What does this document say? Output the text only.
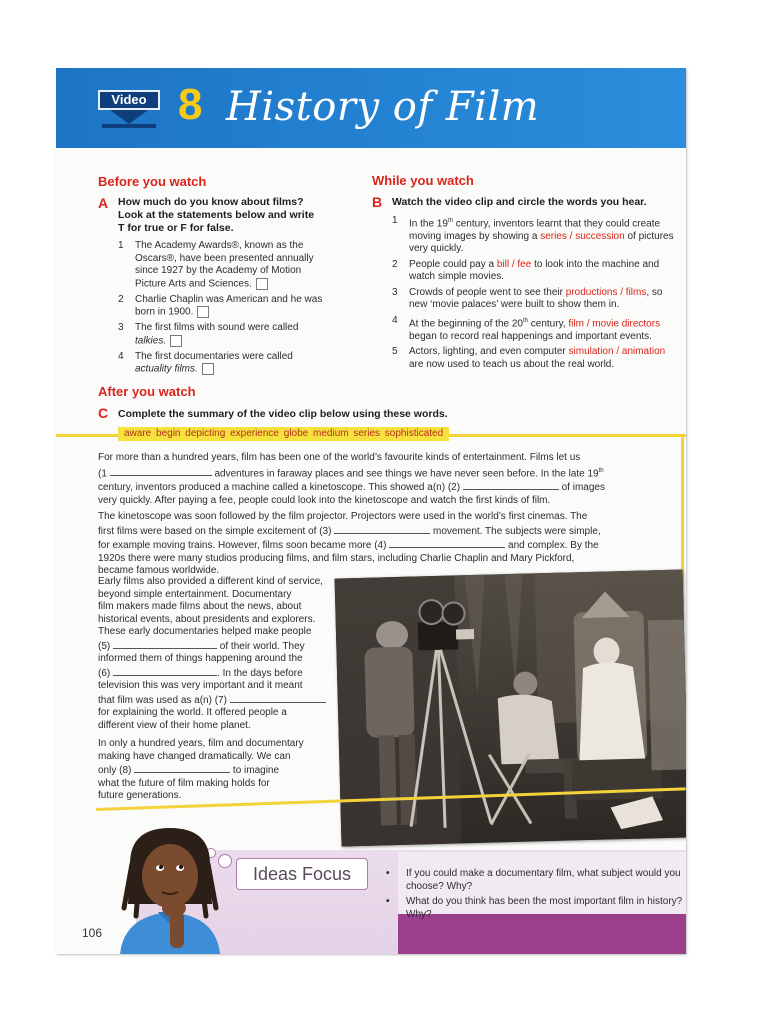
Video 8 History of Film
Before you watch
A How much do you know about films?
Look at the statements below and write
T for true or F for false.
1 The Academy Awards®, known as the
Oscars®, have been presented annually
since 1927 by the Academy of Motion
Picture Arts and Sciences.
2 Charlie Chaplin was American and he was
born in 1900.
3 The first films with sound were called
talkies.
4 The first documentaries were called
actuality films.
While you watch
B Watch the video clip and circle the words you hear.
1 In the 19th century, inventors learnt that they could create
moving images by showing a series / succession of pictures
very quickly.
2 People could pay a bill / fee to look into the machine and
watch simple movies.
3 Crowds of people went to see their productions / films, so
new ‘movie palaces’ were built to show them in.
4 At the beginning of the 20th century, film / movie directors
began to record real happenings and important events.
5 Actors, lighting, and even computer simulation / animation
are now used to teach us about the real world.
After you watch
C Complete the summary of the video clip below using these words.
aware begin depicting experience globe medium series sophisticated

For more than a hundred years, film has been one of the world’s favourite kinds of entertainment. Films let us
(1	adventures in faraway places and see things we have never seen before. In the late 19th
century, inventors produced a machine called a kinetoscope. This showed a(n) (2)	of images
very quickly. After paying a fee, people could look into the kinetoscope and watch the first kinds of film.

The kinetoscope was soon followed by the film projector. Projectors were used in the world’s first cinemas. The
first films were based on the simple excitement of (3)	movement. The subjects were simple,
for example moving trains. However, films soon became more (4)	and complex. By the
1920s there were many studios producing films, and film stars, including Charlie Chaplin and Mary Pickford,
became famous worldwide.

Early films also provided a different kind of service,
beyond simple entertainment. Documentary
film makers made films about the news, about
historical events, about presidents and explorers.
These early documentaries helped make people
(5)	of their world. They
informed them of things happening around the
(6)	. In the days before
television this was very important and it meant
that film was used as a(n) (7)
for explaining the world. It offered people a
different view of their home planet.

In only a hundred years, film and documentary
making have changed dramatically. We can
only (8)	to imagine
what the future of film making holds for
future generations.

Ideas Focus	• If you could make a documentary film, what subject would you choose? Why?
• What do you think has been the most important film in history? Why?
106
